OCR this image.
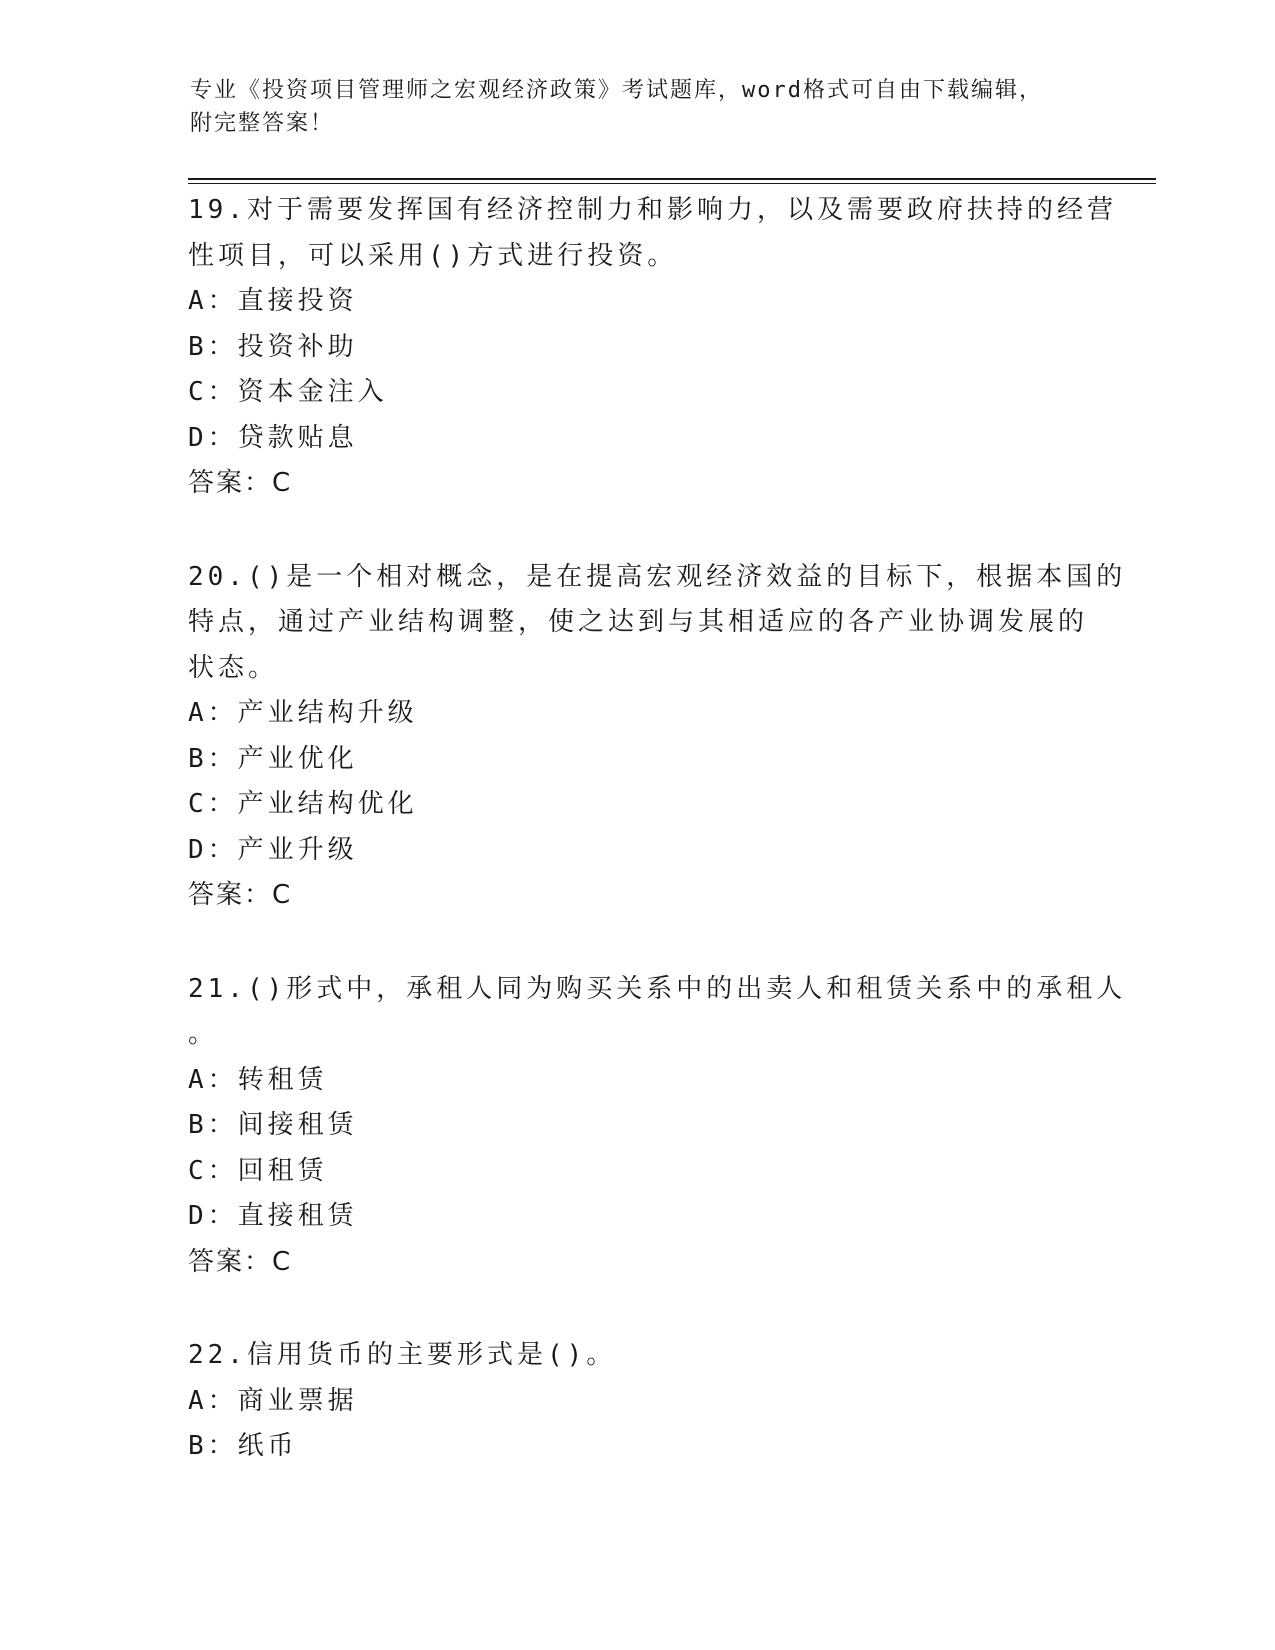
专业《投资项目管理师之宏观经济政策》考试题库，word格式可自由下载编辑，
附完整答案！
19.对于需要发挥国有经济控制力和影响力，以及需要政府扶持的经营
性项目，可以采用()方式进行投资。
A：直接投资
B：投资补助
C：资本金注入
D：贷款贴息
答案：C
20.()是一个相对概念，是在提高宏观经济效益的目标下，根据本国的
特点，通过产业结构调整，使之达到与其相适应的各产业协调发展的
状态。
A：产业结构升级
B：产业优化
C：产业结构优化
D：产业升级
答案：C
21.()形式中，承租人同为购买关系中的出卖人和租赁关系中的承租人
。
A：转租赁
B：间接租赁
C：回租赁
D：直接租赁
答案：C
22.信用货币的主要形式是()。
A：商业票据
B：纸币
